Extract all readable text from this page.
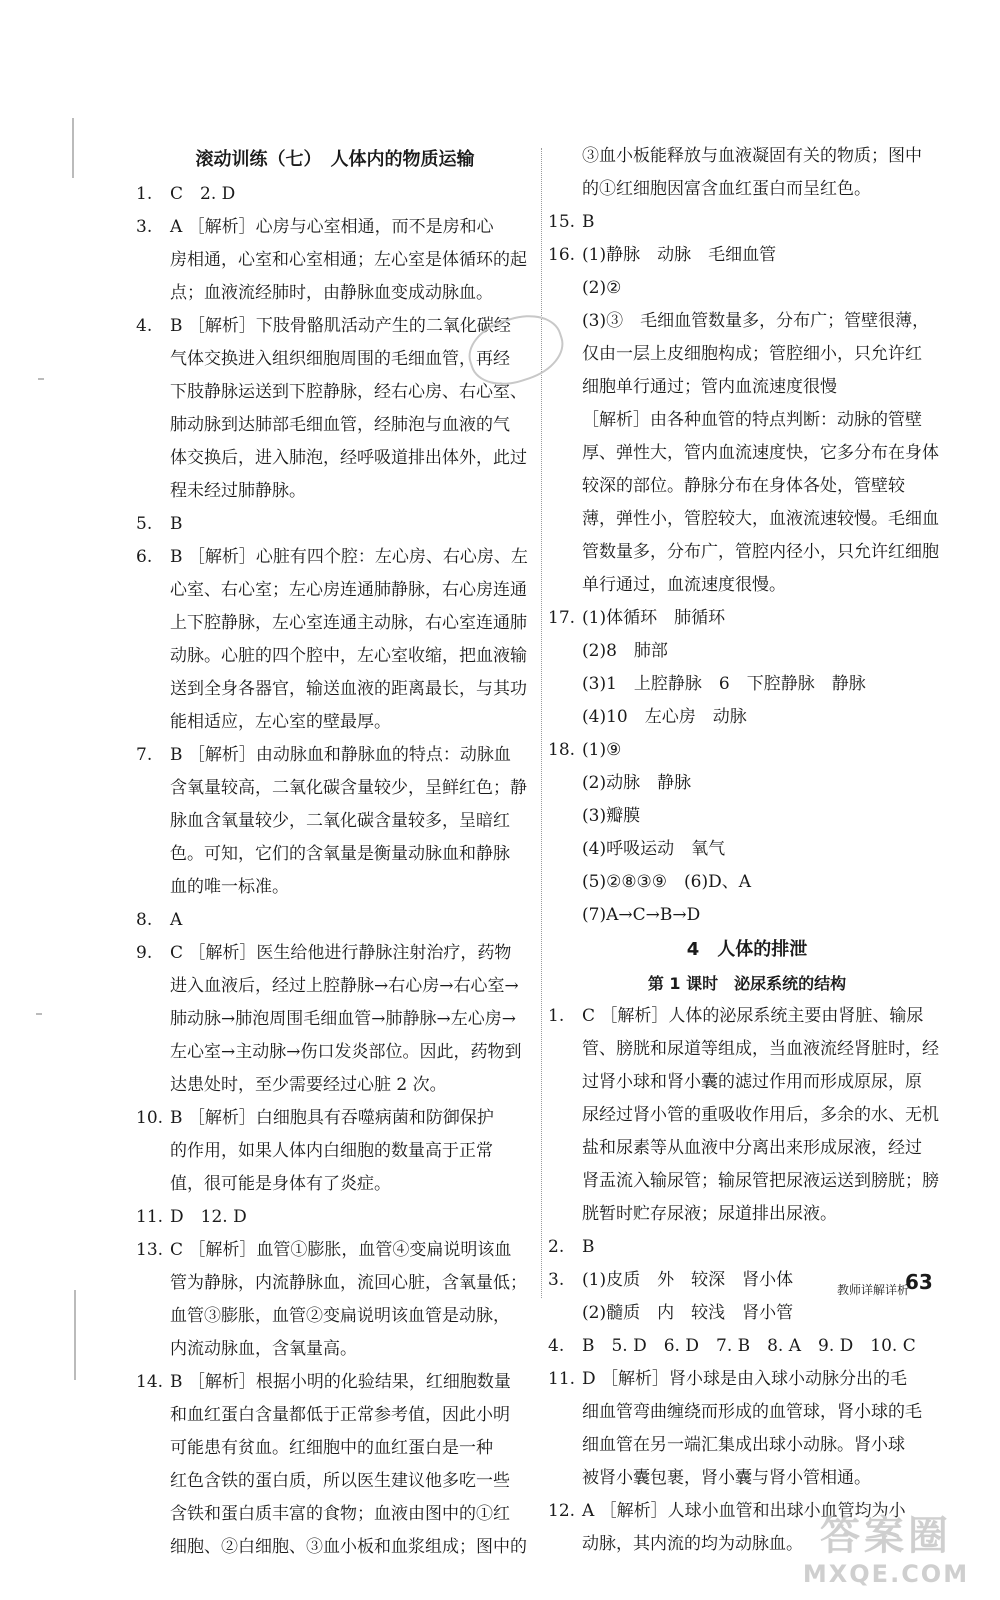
滚动训练（七）　人体内的物质运输
1. C　2. D
3. A ［解析］心房与心室相通，而不是房和心
房相通，心室和心室相通；左心室是体循环的起
点；血液流经肺时，由静脉血变成动脉血。
4. B ［解析］下肢骨骼肌活动产生的二氧化碳经
气体交换进入组织细胞周围的毛细血管，再经
下肢静脉运送到下腔静脉，经右心房、右心室、
肺动脉到达肺部毛细血管，经肺泡与血液的气
体交换后，进入肺泡，经呼吸道排出体外，此过
程未经过肺静脉。
5. B
6. B ［解析］心脏有四个腔：左心房、右心房、左
心室、右心室；左心房连通肺静脉，右心房连通
上下腔静脉，左心室连通主动脉，右心室连通肺
动脉。心脏的四个腔中，左心室收缩，把血液输
送到全身各器官，输送血液的距离最长，与其功
能相适应，左心室的壁最厚。
7. B ［解析］由动脉血和静脉血的特点：动脉血
含氧量较高，二氧化碳含量较少，呈鲜红色；静
脉血含氧量较少，二氧化碳含量较多，呈暗红
色。可知，它们的含氧量是衡量动脉血和静脉
血的唯一标准。
8. A
9. C ［解析］医生给他进行静脉注射治疗，药物
进入血液后，经过上腔静脉→右心房→右心室→
肺动脉→肺泡周围毛细血管→肺静脉→左心房→
左心室→主动脉→伤口发炎部位。因此，药物到
达患处时，至少需要经过心脏 2 次。
10. B ［解析］白细胞具有吞噬病菌和防御保护
的作用，如果人体内白细胞的数量高于正常
值，很可能是身体有了炎症。
11. D　12. D
13. C ［解析］血管①膨胀，血管④变扁说明该血
管为静脉，内流静脉血，流回心脏，含氧量低；
血管③膨胀，血管②变扁说明该血管是动脉，
内流动脉血，含氧量高。
14. B ［解析］根据小明的化验结果，红细胞数量
和血红蛋白含量都低于正常参考值，因此小明
可能患有贫血。红细胞中的血红蛋白是一种
红色含铁的蛋白质，所以医生建议他多吃一些
含铁和蛋白质丰富的食物；血液由图中的①红
细胞、②白细胞、③血小板和血浆组成；图中的
③血小板能释放与血液凝固有关的物质；图中
的①红细胞因富含血红蛋白而呈红色。
15. B
16. (1)静脉　动脉　毛细血管
(2)②
(3)③　毛细血管数量多，分布广；管壁很薄，
仅由一层上皮细胞构成；管腔细小，只允许红
细胞单行通过；管内血流速度很慢
［解析］由各种血管的特点判断：动脉的管壁
厚、弹性大，管内血流速度快，它多分布在身体
较深的部位。静脉分布在身体各处，管壁较
薄，弹性小，管腔较大，血液流速较慢。毛细血
管数量多，分布广，管腔内径小，只允许红细胞
单行通过，血流速度很慢。
17. (1)体循环　肺循环
(2)8　肺部
(3)1　上腔静脉　6　下腔静脉　静脉
(4)10　左心房　动脉
18. (1)⑨
(2)动脉　静脉
(3)瓣膜
(4)呼吸运动　氧气
(5)②⑧③⑨　(6)D、A
(7)A→C→B→D
4　人体的排泄
第 1 课时　泌尿系统的结构
1. C ［解析］人体的泌尿系统主要由肾脏、输尿
管、膀胱和尿道等组成，当血液流经肾脏时，经
过肾小球和肾小囊的滤过作用而形成原尿，原
尿经过肾小管的重吸收作用后，多余的水、无机
盐和尿素等从血液中分离出来形成尿液，经过
肾盂流入输尿管；输尿管把尿液运送到膀胱；膀
胱暂时贮存尿液；尿道排出尿液。
2. B
3. (1)皮质　外　较深　肾小体
(2)髓质　内　较浅　肾小管
4. B　5. D　6. D　7. B　8. A　9. D　10. C
11. D ［解析］肾小球是由入球小动脉分出的毛
细血管弯曲缠绕而形成的血管球，肾小球的毛
细血管在另一端汇集成出球小动脉。肾小球
被肾小囊包裹，肾小囊与肾小管相通。
12. A ［解析］人球小血管和出球小血管均为小
动脉，其内流的均为动脉血。
教师详解详析
63
答案圈
MXQE.COM
